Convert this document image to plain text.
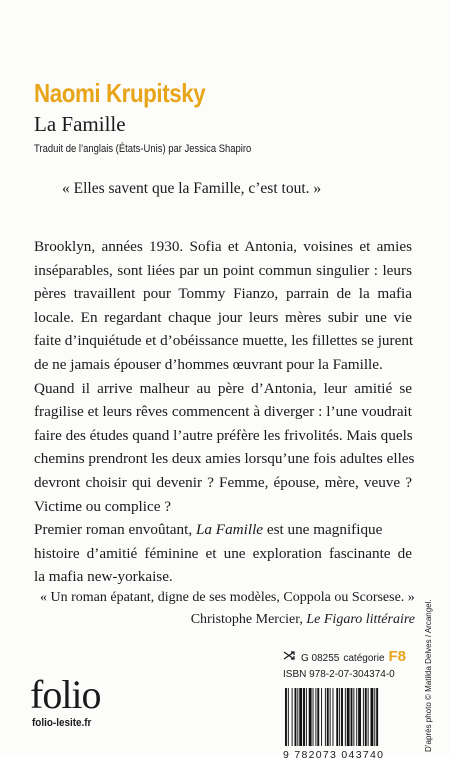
Naomi Krupitsky
La Famille
Traduit de l’anglais (États-Unis) par Jessica Shapiro
« Elles savent que la Famille, c’est tout. »
Brooklyn, années 1930. Sofia et Antonia, voisines et amies
inséparables, sont liées par un point commun singulier : leurs
pères travaillent pour Tommy Fianzo, parrain de la mafia
locale. En regardant chaque jour leurs mères subir une vie
faite d’inquiétude et d’obéissance muette, les fillettes se jurent
de ne jamais épouser d’hommes œuvrant pour la Famille.
Quand il arrive malheur au père d’Antonia, leur amitié se
fragilise et leurs rêves commencent à diverger : l’une voudrait
faire des études quand l’autre préfère les frivolités. Mais quels
chemins prendront les deux amies lorsqu’une fois adultes elles
devront choisir qui devenir ? Femme, épouse, mère, veuve ?
Victime ou complice ?
Premier roman envoûtant, La Famille est une magnifique
histoire d’amitié féminine et une exploration fascinante de
la mafia new-yorkaise.
« Un roman épatant, digne de ses modèles, Coppola ou Scorsese. »
Christophe Mercier, Le Figaro littéraire
folio
folio-lesite.fr
G 08255 catégorie F8
ISBN 978-2-07-304374-0
9 782073 043740
D’après photo © Matilda Delves / Arcangel.
